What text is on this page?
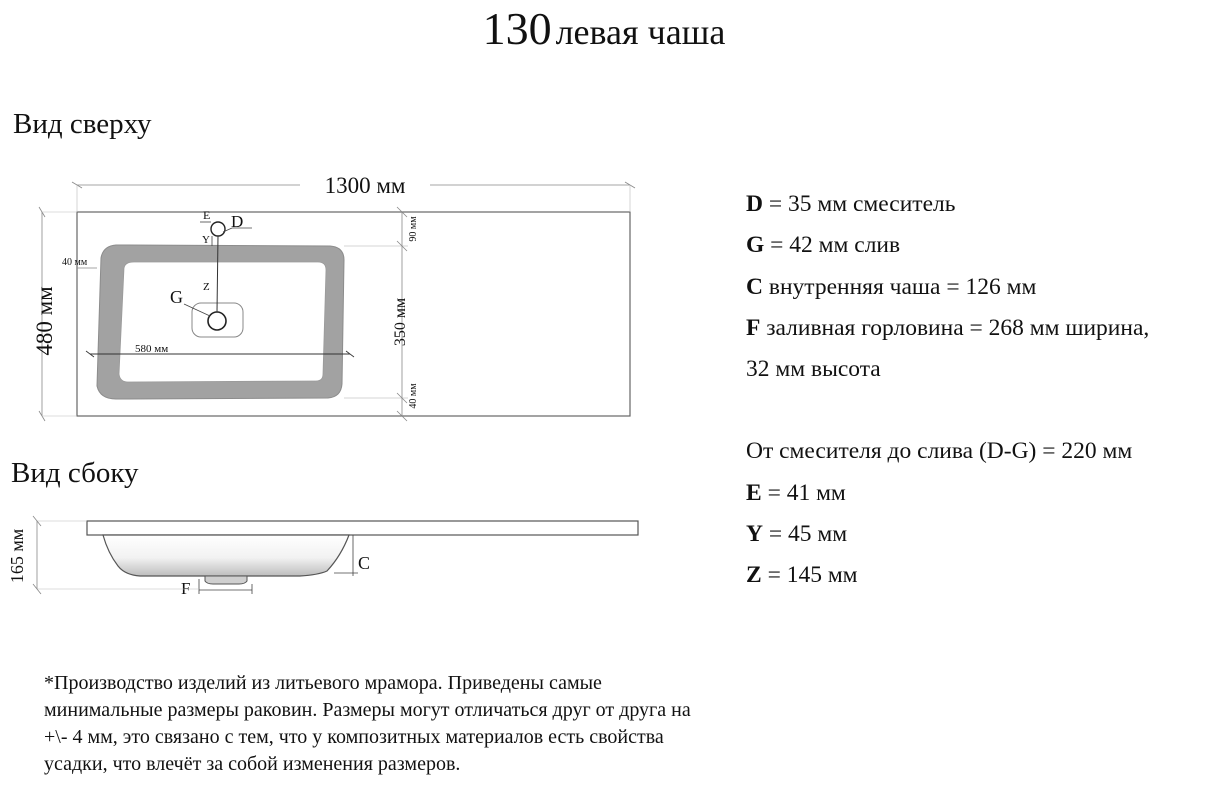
130 левая чаша
Вид сверху
Вид сбоку
E D
Y
Z
G
1300 мм
480 мм
40 мм
580 мм
90 мм
350 мм
40 мм
F
C
165 мм
D = 35 мм смеситель
G = 42 мм слив
C внутренняя чаша = 126 мм
F заливная горловина = 268 мм ширина,
32 мм высота
От смесителя до слива (D-G) = 220 мм
E = 41 мм
Y = 45 мм
Z = 145 мм
*Производство изделий из литьевого мрамора. Приведены самые минимальные размеры раковин. Размеры могут отличаться друг от друга на +\- 4 мм, это связано с тем, что у композитных материалов есть свойства усадки, что влечёт за собой изменения размеров.
